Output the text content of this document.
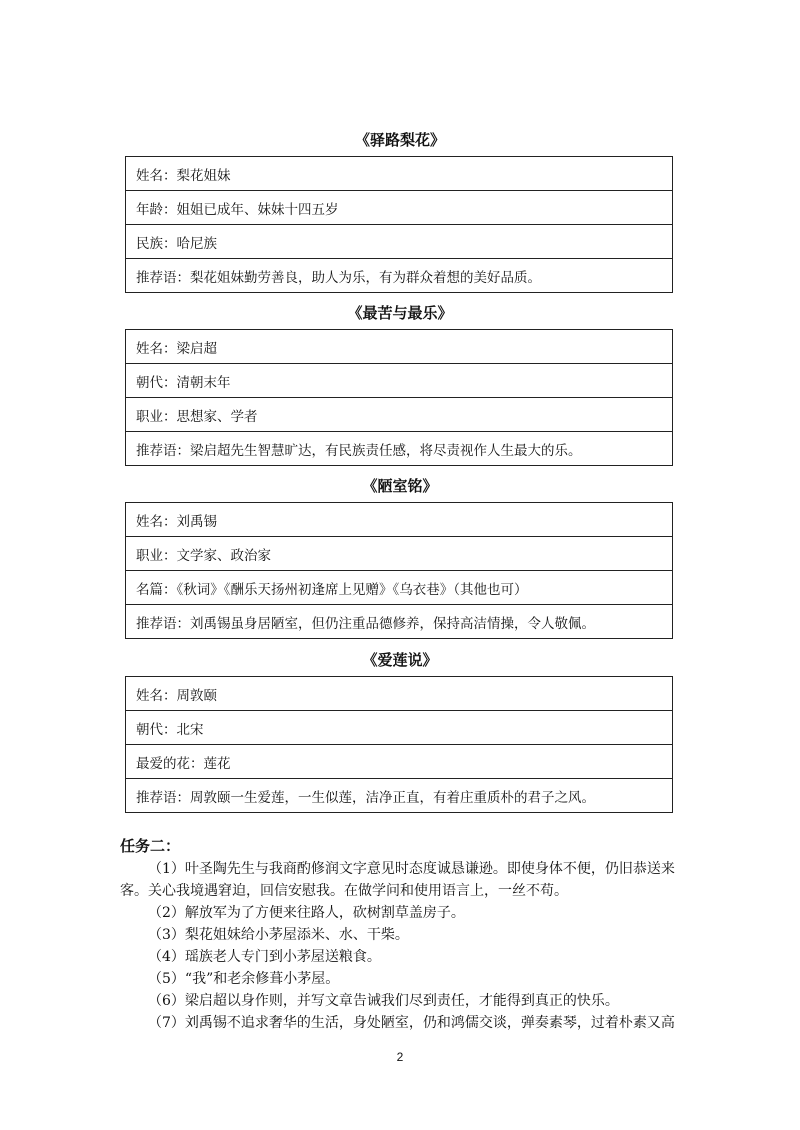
《驿路梨花》
姓名：梨花姐妹
年龄：姐姐已成年、妹妹十四五岁
民族：哈尼族
推荐语：梨花姐妹勤劳善良，助人为乐，有为群众着想的美好品质。
《最苦与最乐》
姓名：梁启超
朝代：清朝末年
职业：思想家、学者
推荐语：梁启超先生智慧旷达，有民族责任感，将尽责视作人生最大的乐。
《陋室铭》
姓名：刘禹锡
职业：文学家、政治家
名篇：《秋词》《酬乐天扬州初逢席上见赠》《乌衣巷》（其他也可）
推荐语：刘禹锡虽身居陋室，但仍注重品德修养，保持高洁情操，令人敬佩。
《爱莲说》
姓名：周敦颐
朝代：北宋
最爱的花：莲花
推荐语：周敦颐一生爱莲，一生似莲，洁净正直，有着庄重质朴的君子之风。
任务二：

（1）叶圣陶先生与我商酌修润文字意见时态度诚恳谦逊。即使身体不便，仍旧恭送来客。关心我境遇窘迫，回信安慰我。在做学问和使用语言上，一丝不苟。

（2）解放军为了方便来往路人，砍树割草盖房子。

（3）梨花姐妹给小茅屋添米、水、干柴。

（4）瑶族老人专门到小茅屋送粮食。

（5）“我”和老余修葺小茅屋。

（6）梁启超以身作则，并写文章告诫我们尽到责任，才能得到真正的快乐。

（7）刘禹锡不追求奢华的生活，身处陋室，仍和鸿儒交谈，弹奏素琴，过着朴素又高

2
